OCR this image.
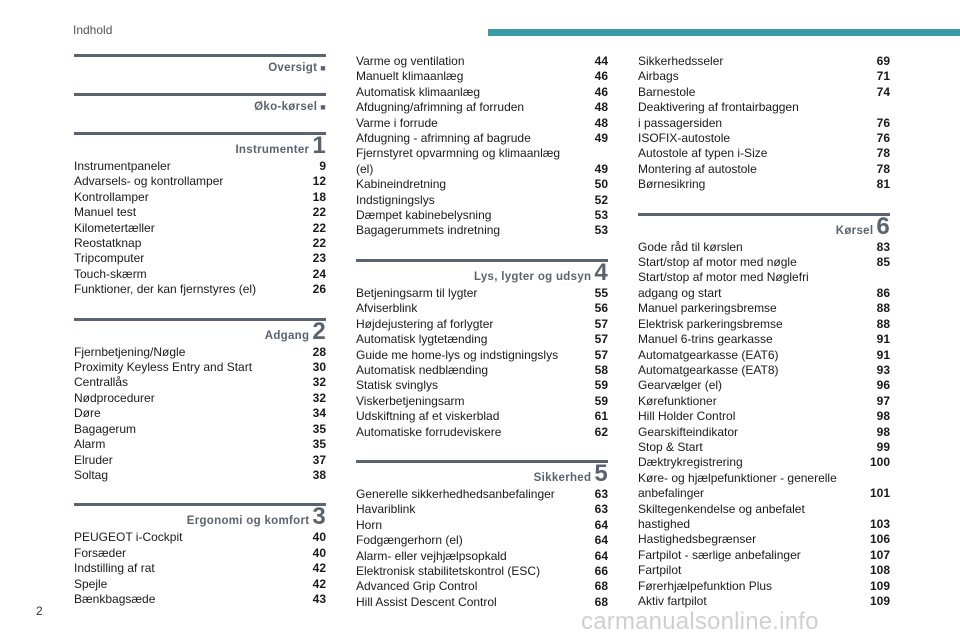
Indhold
Oversigt ■
Øko-kørsel ■
Instrumenter 1
Instrumentpaneler	9
Advarsels- og kontrollamper	12
Kontrollamper	18
Manuel test	22
Kilometertæller	22
Reostatknap	22
Tripcomputer	23
Touch-skærm	24
Funktioner, der kan fjernstyres (el)	26
Adgang 2
Fjernbetjening/Nøgle	28
Proximity Keyless Entry and Start	30
Centrallås	32
Nødprocedurer	32
Døre	34
Bagagerum	35
Alarm	35
Elruder	37
Soltag	38
Ergonomi og komfort 3
PEUGEOT i-Cockpit	40
Forsæder	40
Indstilling af rat	42
Spejle	42
Bænkbagsæde	43
Varme og ventilation	44
Manuelt klimaanlæg	46
Automatisk klimaanlæg	46
Afdugning/afrimning af forruden	48
Varme i forrude	48
Afdugning - afrimning af bagrude	49
Fjernstyret opvarmning og klimaanlæg (el)	49
Kabineindretning	50
Indstigningslys	52
Dæmpet kabinebelysning	53
Bagagerummets indretning	53
Lys, lygter og udsyn 4
Betjeningsarm til lygter	55
Afviserblink	56
Højdejustering af forlygter	57
Automatisk lygtetænding	57
Guide me home-lys og indstigningslys	57
Automatisk nedblænding	58
Statisk svinglys	59
Viskerbetjeningsarm	59
Udskiftning af et viskerblad	61
Automatiske forrudeviskere	62
Sikkerhed 5
Generelle sikkerhedhedsanbefalinger	63
Havariblink	63
Horn	64
Fodgængerhorn (el)	64
Alarm- eller vejhjælpsopkald	64
Elektronisk stabilitetskontrol (ESC)	66
Advanced Grip Control	68
Hill Assist Descent Control	68
Sikkerhedsseler	69
Airbags	71
Barnestole	74
Deaktivering af frontairbaggen
i passagersiden	76
ISOFIX-autostole	76
Autostole af typen i-Size	78
Montering af autostole	78
Børnesikring	81
Kørsel 6
Gode råd til kørslen	83
Start/stop af motor med nøgle	85
Start/stop af motor med Nøglefri
adgang og start	86
Manuel parkeringsbremse	88
Elektrisk parkeringsbremse	88
Manuel 6-trins gearkasse	91
Automatgearkasse (EAT6)	91
Automatgearkasse (EAT8)	93
Gearvælger (el)	96
Kørefunktioner	97
Hill Holder Control	98
Gearskifteindikator	98
Stop & Start	99
Dæktrykregistrering	100
Køre- og hjælpefunktioner - generelle
anbefalinger	101
Skiltegenkendelse og anbefalet hastighed	103
Hastighedsbegrænser	106
Fartpilot - særlige anbefalinger	107
Fartpilot	108
Førerhjælpefunktion Plus	109
Aktiv fartpilot	109
2	carmanualsonline.info
